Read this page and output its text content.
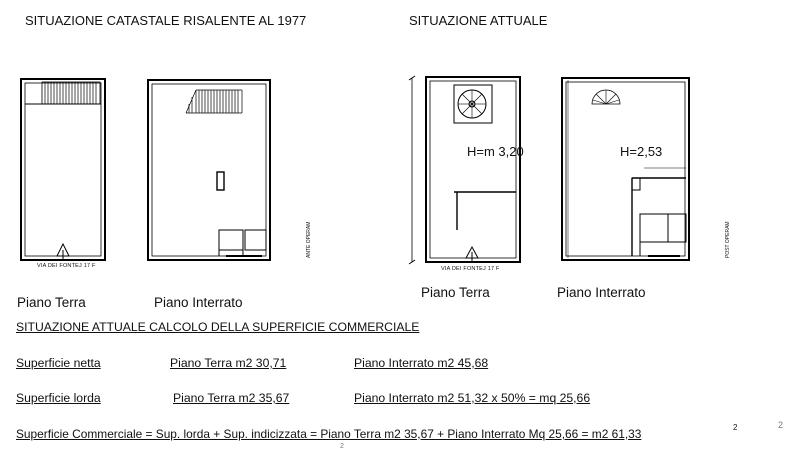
SITUAZIONE CATASTALE RISALENTE AL 1977	SITUAZIONE ATTUALE
VIA DEI FONTEJ 17 F	VIA DEI FONTEJ 17 F
ANTE OPERAM	POST OPERAM
H=m 3,20	H=2,53
Piano Terra	Piano Interrato
Piano Terra	Piano Interrato
SITUAZIONE ATTUALE CALCOLO DELLA SUPERFICIE COMMERCIALE
Superficie netta	Piano Terra m2 30,71	Piano Interrato m2 45,68
Superficie lorda	Piano Terra m2 35,67	Piano Interrato m2 51,32 x 50% = mq 25,66
Superficie Commerciale = Sup. lorda + Sup. indicizzata = Piano Terra m2 35,67 + Piano Interrato Mq 25,66 = m2 61,33	2	2
2
